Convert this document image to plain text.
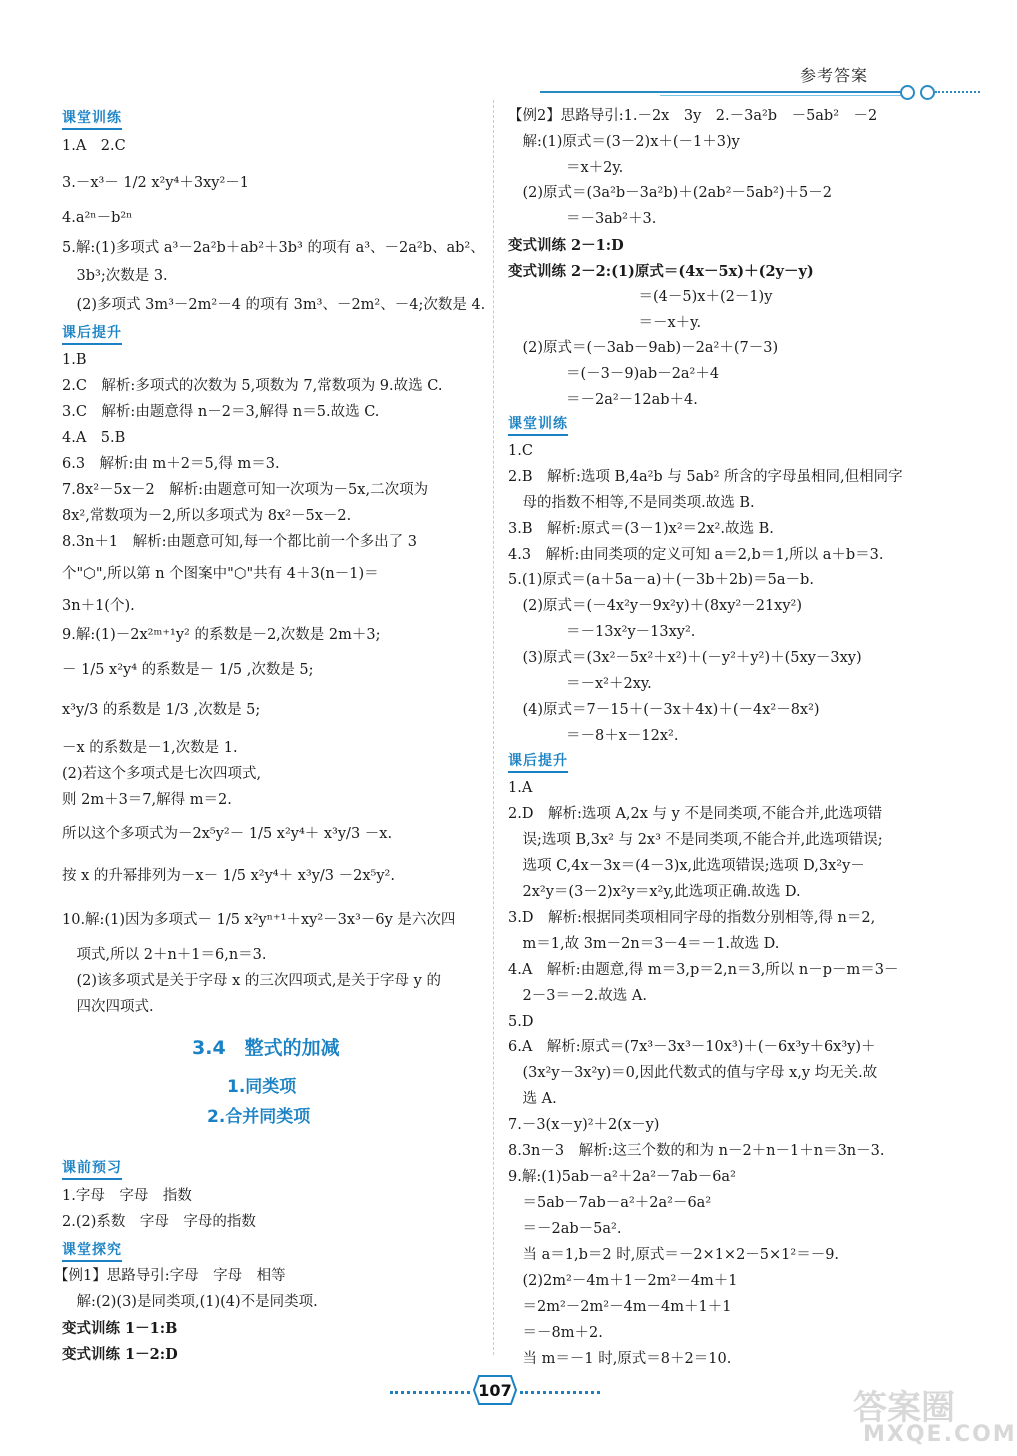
参考答案
课堂训练
1.A　2.C
3.－x³－ 1/2 x²y⁴＋3xy²－1
4.a²ⁿ－b²ⁿ
5.解:(1)多项式 a³－2a²b＋ab²＋3b³ 的项有 a³、－2a²b、ab²、
　3b³;次数是 3.
　(2)多项式 3m³－2m²－4 的项有 3m³、－2m²、－4;次数是 4.
课后提升
1.B
2.C　解析:多项式的次数为 5,项数为 7,常数项为 9.故选 C.
3.C　解析:由题意得 n－2＝3,解得 n＝5.故选 C.
4.A　5.B
6.3　解析:由 m＋2＝5,得 m＝3.
7.8x²－5x－2　解析:由题意可知一次项为－5x,二次项为
8x²,常数项为－2,所以多项式为 8x²－5x－2.
8.3n＋1　解析:由题意可知,每一个都比前一个多出了 3
个"⬡",所以第 n 个图案中"⬡"共有 4＋3(n－1)＝
3n＋1(个).
9.解:(1)－2x²ᵐ⁺¹y² 的系数是－2,次数是 2m＋3;
－ 1/5 x²y⁴ 的系数是－ 1/5 ,次数是 5;
x³y/3 的系数是 1/3 ,次数是 5;
－x 的系数是－1,次数是 1.
(2)若这个多项式是七次四项式,
则 2m＋3＝7,解得 m＝2.
所以这个多项式为－2x⁵y²－ 1/5 x²y⁴＋ x³y/3 －x.
按 x 的升幂排列为－x－ 1/5 x²y⁴＋ x³y/3 －2x⁵y².
10.解:(1)因为多项式－ 1/5 x²yⁿ⁺¹＋xy²－3x³－6y 是六次四
　项式,所以 2＋n＋1＝6,n＝3.
　(2)该多项式是关于字母 x 的三次四项式,是关于字母 y 的
　四次四项式.
3.4　整式的加减
1.同类项
2.合并同类项
课前预习
1.字母　字母　指数
2.(2)系数　字母　字母的指数
课堂探究
【例1】思路导引:字母　字母　相等
　解:(2)(3)是同类项,(1)(4)不是同类项.
变式训练 1－1:B
变式训练 1－2:D
【例2】思路导引:1.－2x　3y　2.－3a²b　－5ab²　－2
　解:(1)原式＝(3－2)x＋(－1＋3)y
　　　　＝x＋2y.
　(2)原式＝(3a²b－3a²b)＋(2ab²－5ab²)＋5－2
　　　　＝－3ab²＋3.
变式训练 2－1:D
变式训练 2－2:(1)原式＝(4x－5x)＋(2y－y)
　　　　　　　　　＝(4－5)x＋(2－1)y
　　　　　　　　　＝－x＋y.
　(2)原式＝(－3ab－9ab)－2a²＋(7－3)
　　　　＝(－3－9)ab－2a²＋4
　　　　＝－2a²－12ab＋4.
课堂训练
1.C
2.B　解析:选项 B,4a²b 与 5ab² 所含的字母虽相同,但相同字
　母的指数不相等,不是同类项.故选 B.
3.B　解析:原式＝(3－1)x²＝2x².故选 B.
4.3　解析:由同类项的定义可知 a＝2,b＝1,所以 a＋b＝3.
5.(1)原式＝(a＋5a－a)＋(－3b＋2b)＝5a－b.
　(2)原式＝(－4x²y－9x²y)＋(8xy²－21xy²)
　　　　＝－13x²y－13xy².
　(3)原式＝(3x²－5x²＋x²)＋(－y²＋y²)＋(5xy－3xy)
　　　　＝－x²＋2xy.
　(4)原式＝7－15＋(－3x＋4x)＋(－4x²－8x²)
　　　　＝－8＋x－12x².
课后提升
1.A
2.D　解析:选项 A,2x 与 y 不是同类项,不能合并,此选项错
　误;选项 B,3x² 与 2x³ 不是同类项,不能合并,此选项错误;
　选项 C,4x－3x＝(4－3)x,此选项错误;选项 D,3x²y－
　2x²y＝(3－2)x²y＝x²y,此选项正确.故选 D.
3.D　解析:根据同类项相同字母的指数分别相等,得 n＝2,
　m＝1,故 3m－2n＝3－4＝－1.故选 D.
4.A　解析:由题意,得 m＝3,p＝2,n＝3,所以 n－p－m＝3－
　2－3＝－2.故选 A.
5.D
6.A　解析:原式＝(7x³－3x³－10x³)＋(－6x³y＋6x³y)＋
　(3x²y－3x²y)＝0,因此代数式的值与字母 x,y 均无关.故
　选 A.
7.－3(x－y)²＋2(x－y)
8.3n－3　解析:这三个数的和为 n－2＋n－1＋n＝3n－3.
9.解:(1)5ab－a²＋2a²－7ab－6a²
　＝5ab－7ab－a²＋2a²－6a²
　＝－2ab－5a².
　当 a＝1,b＝2 时,原式＝－2×1×2－5×1²＝－9.
　(2)2m²－4m＋1－2m²－4m＋1
　＝2m²－2m²－4m－4m＋1＋1
　＝－8m＋2.
　当 m＝－1 时,原式＝8＋2＝10.
107	答案圈
MXQE.COM
